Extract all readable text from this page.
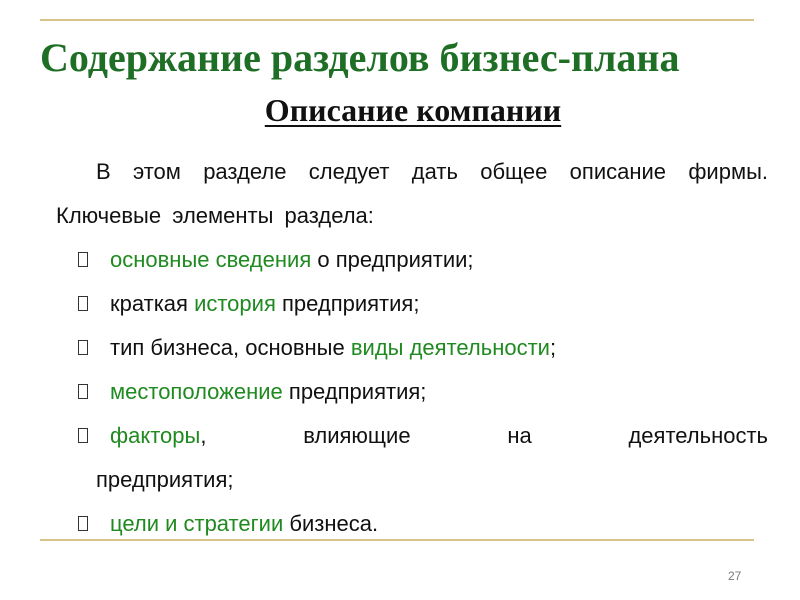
Содержание разделов бизнес-плана
Описание компании

В этом разделе следует дать общее описание фирмы. Ключевые элементы раздела:

основные сведения о предприятии;
краткая история предприятия;
тип бизнеса, основные виды деятельности;
местоположение предприятия;
факторы,	влияющие	на	деятельность
предприятия;
цели и стратегии бизнеса.
27
